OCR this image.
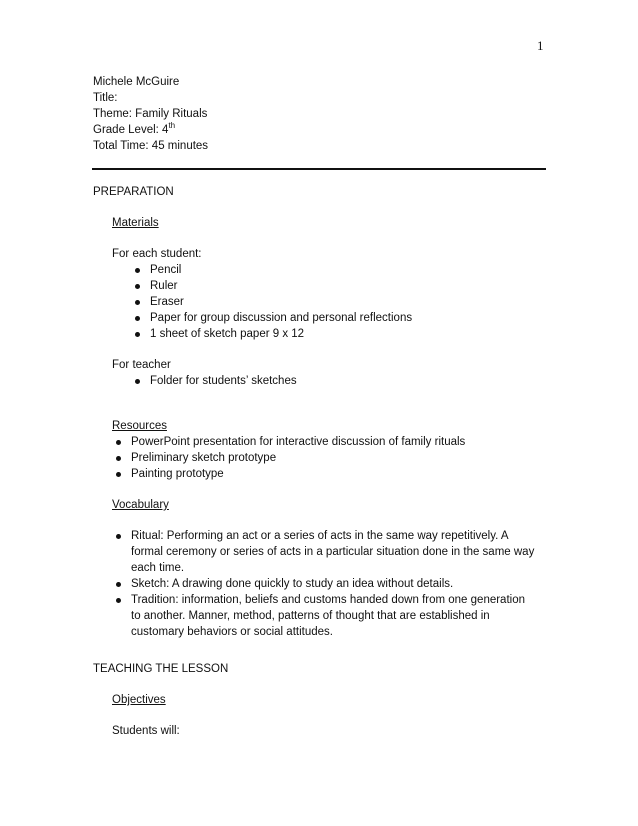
1
Michele McGuire
Title:
Theme: Family Rituals
Grade Level: 4th
Total Time: 45 minutes
PREPARATION
Materials
For each student:
Pencil
Ruler
Eraser
Paper for group discussion and personal reflections
1 sheet of sketch paper 9 x 12
For teacher
Folder for students’ sketches
Resources
PowerPoint presentation for interactive discussion of family rituals
Preliminary sketch prototype
Painting prototype
Vocabulary
Ritual: Performing an act or a series of acts in the same way repetitively. A
formal ceremony or series of acts in a particular situation done in the same way
each time.
Sketch: A drawing done quickly to study an idea without details.
Tradition: information, beliefs and customs handed down from one generation
to another. Manner, method, patterns of thought that are established in
customary behaviors or social attitudes.
TEACHING THE LESSON
Objectives
Students will:
